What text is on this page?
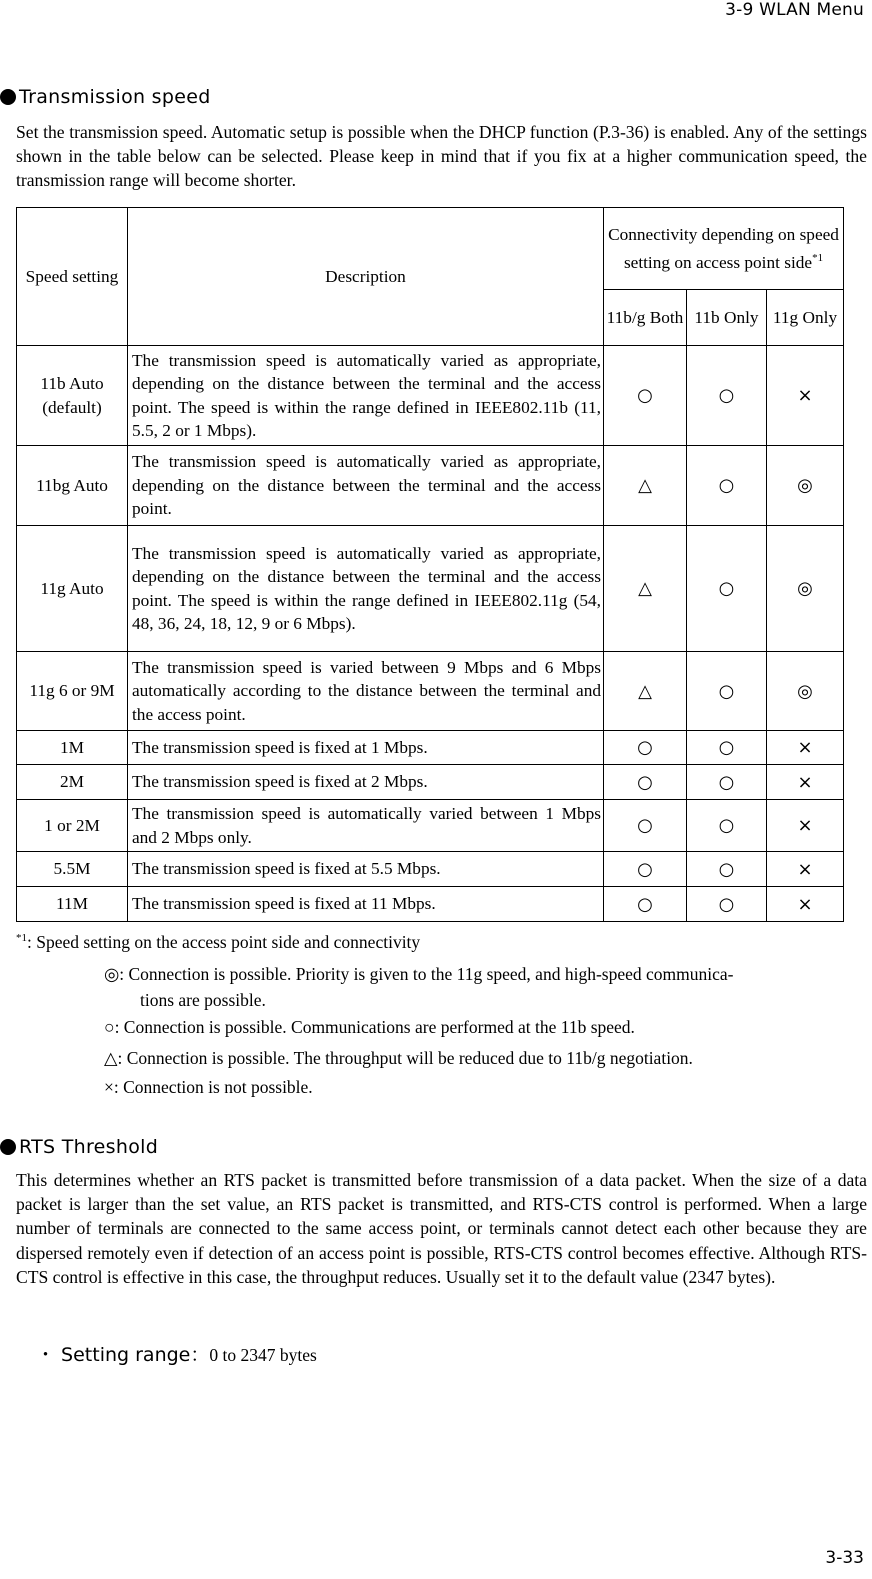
3-9 WLAN Menu
Transmission speed
Set the transmission speed. Automatic setup is possible when the DHCP function (P.3-36) is enabled. Any of the settings shown in the table below can be selected. Please keep in mind that if you fix at a higher communication speed, the transmission range will become shorter.
Speed setting	Description	Connectivity depending on speed setting on access point side$^{*1}$
		11b/g Both	11b Only	11g Only
11b Auto (default)	The transmission speed is automatically varied as appropriate, depending on the distance between the terminal and the access point. The speed is within the range defined in IEEE802.11b (11, 5.5, 2 or 1 Mbps).	○	○	×
11bg Auto	The transmission speed is automatically varied as appropriate, depending on the distance between the terminal and the access point.	△	○	◎
11g Auto	The transmission speed is automatically varied as appropriate, depending on the distance between the terminal and the access point. The speed is within the range defined in IEEE802.11g (54, 48, 36, 24, 18, 12, 9 or 6 Mbps).	△	○	◎
11g 6 or 9M	The transmission speed is varied between 9 Mbps and 6 Mbps automatically according to the distance between the terminal and the access point.	△	○	◎
1M	The transmission speed is fixed at 1 Mbps.	○	○	×
2M	The transmission speed is fixed at 2 Mbps.	○	○	×
1 or 2M	The transmission speed is automatically varied between 1 Mbps and 2 Mbps only.	○	○	×
5.5M	The transmission speed is fixed at 5.5 Mbps.	○	○	×
11M	The transmission speed is fixed at 11 Mbps.	○	○	×
$^{*1}$: Speed setting on the access point side and connectivity
◎: Connection is possible. Priority is given to the 11g speed, and high-speed communica-
tions are possible.
○: Connection is possible. Communications are performed at the 11b speed.
△: Connection is possible. The throughput will be reduced due to 11b/g negotiation.
×: Connection is not possible.
RTS Threshold
This determines whether an RTS packet is transmitted before transmission of a data packet. When the size of a data packet is larger than the set value, an RTS packet is transmitted, and RTS-CTS control is performed. When a large number of terminals are connected to the same access point, or terminals cannot detect each other because they are dispersed remotely even if detection of an access point is possible, RTS-CTS control becomes effective. Although RTS-CTS control is effective in this case, the throughput reduces. Usually set it to the default value (2347 bytes).
・ Setting range：0 to 2347 bytes
3-33
